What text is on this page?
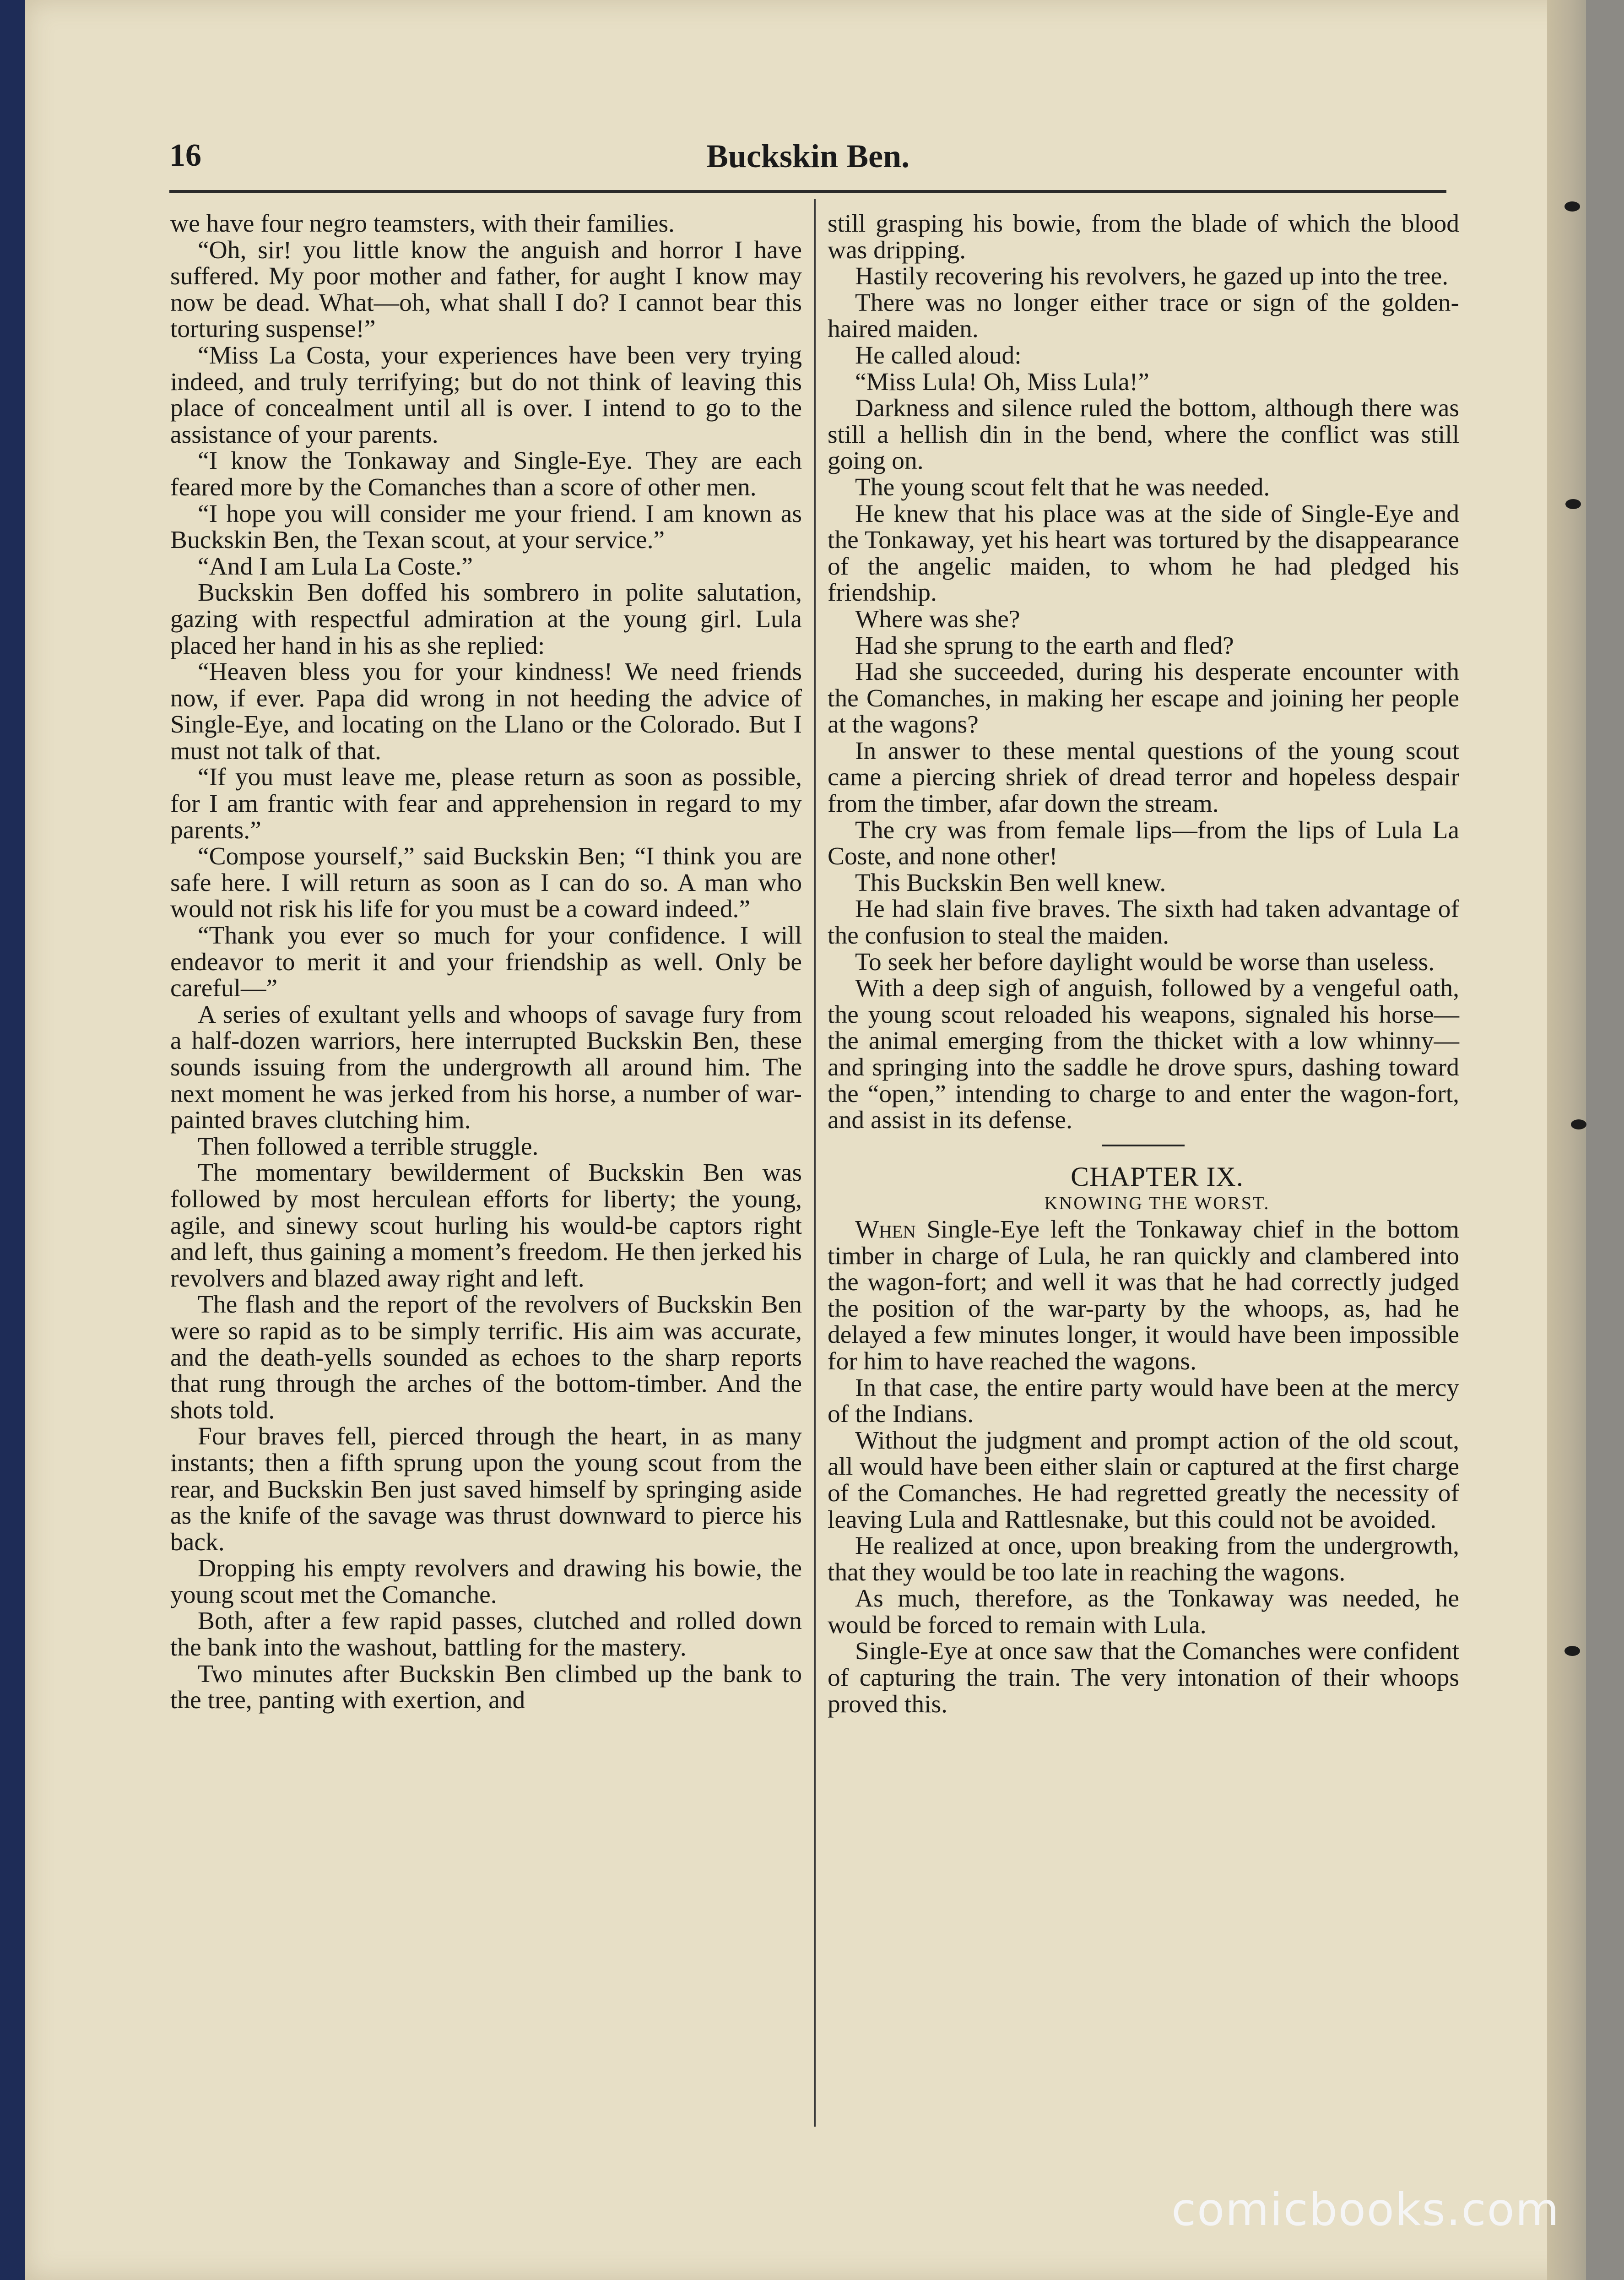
16	Buckskin Ben.

we have four negro teamsters, with their families.

“Oh, sir! you little know the anguish and horror I have suffered. My poor mother and father, for aught I know may now be dead. What—oh, what shall I do? I cannot bear this torturing suspense!”

“Miss La Costa, your experiences have been very trying indeed, and truly terrifying; but do not think of leaving this place of concealment until all is over. I intend to go to the assistance of your parents.

“I know the Tonkaway and Single-Eye. They are each feared more by the Comanches than a score of other men.

“I hope you will consider me your friend. I am known as Buckskin Ben, the Texan scout, at your service.”

“And I am Lula La Coste.”

Buckskin Ben doffed his sombrero in polite salutation, gazing with respectful admiration at the young girl. Lula placed her hand in his as she replied:

“Heaven bless you for your kindness! We need friends now, if ever. Papa did wrong in not heeding the advice of Single-Eye, and locating on the Llano or the Colorado. But I must not talk of that.

“If you must leave me, please return as soon as possible, for I am frantic with fear and apprehension in regard to my parents.”

“Compose yourself,” said Buckskin Ben; “I think you are safe here. I will return as soon as I can do so. A man who would not risk his life for you must be a coward indeed.”

“Thank you ever so much for your confidence. I will endeavor to merit it and your friendship as well. Only be careful—”

A series of exultant yells and whoops of savage fury from a half-dozen warriors, here interrupted Buckskin Ben, these sounds issuing from the undergrowth all around him. The next moment he was jerked from his horse, a number of war-painted braves clutching him.

Then followed a terrible struggle.

The momentary bewilderment of Buckskin Ben was followed by most herculean efforts for liberty; the young, agile, and sinewy scout hurling his would-be captors right and left, thus gaining a moment’s freedom. He then jerked his revolvers and blazed away right and left.

The flash and the report of the revolvers of Buckskin Ben were so rapid as to be simply terrific. His aim was accurate, and the death-yells sounded as echoes to the sharp reports that rung through the arches of the bottom-timber. And the shots told.

Four braves fell, pierced through the heart, in as many instants; then a fifth sprung upon the young scout from the rear, and Buckskin Ben just saved himself by springing aside as the knife of the savage was thrust downward to pierce his back.

Dropping his empty revolvers and drawing his bowie, the young scout met the Comanche.

Both, after a few rapid passes, clutched and rolled down the bank into the washout, battling for the mastery.

Two minutes after Buckskin Ben climbed up the bank to the tree, panting with exertion, and

still grasping his bowie, from the blade of which the blood was dripping.

Hastily recovering his revolvers, he gazed up into the tree.

There was no longer either trace or sign of the golden-haired maiden.

He called aloud:

“Miss Lula! Oh, Miss Lula!”

Darkness and silence ruled the bottom, although there was still a hellish din in the bend, where the conflict was still going on.

The young scout felt that he was needed.

He knew that his place was at the side of Single-Eye and the Tonkaway, yet his heart was tortured by the disappearance of the angelic maiden, to whom he had pledged his friendship.

Where was she?

Had she sprung to the earth and fled?

Had she succeeded, during his desperate encounter with the Comanches, in making her escape and joining her people at the wagons?

In answer to these mental questions of the young scout came a piercing shriek of dread terror and hopeless despair from the timber, afar down the stream.

The cry was from female lips—from the lips of Lula La Coste, and none other!

This Buckskin Ben well knew.

He had slain five braves. The sixth had taken advantage of the confusion to steal the maiden.

To seek her before daylight would be worse than useless.

With a deep sigh of anguish, followed by a vengeful oath, the young scout reloaded his weapons, signaled his horse—the animal emerging from the thicket with a low whinny—and springing into the saddle he drove spurs, dashing toward the “open,” intending to charge to and enter the wagon-fort, and assist in its defense.

CHAPTER IX.

KNOWING THE WORST.

When Single-Eye left the Tonkaway chief in the bottom timber in charge of Lula, he ran quickly and clambered into the wagon-fort; and well it was that he had correctly judged the position of the war-party by the whoops, as, had he delayed a few minutes longer, it would have been impossible for him to have reached the wagons.

In that case, the entire party would have been at the mercy of the Indians.

Without the judgment and prompt action of the old scout, all would have been either slain or captured at the first charge of the Comanches. He had regretted greatly the necessity of leaving Lula and Rattlesnake, but this could not be avoided.

He realized at once, upon breaking from the undergrowth, that they would be too late in reaching the wagons.

As much, therefore, as the Tonkaway was needed, he would be forced to remain with Lula.

Single-Eye at once saw that the Comanches were confident of capturing the train. The very intonation of their whoops proved this.

comicbooks.com
